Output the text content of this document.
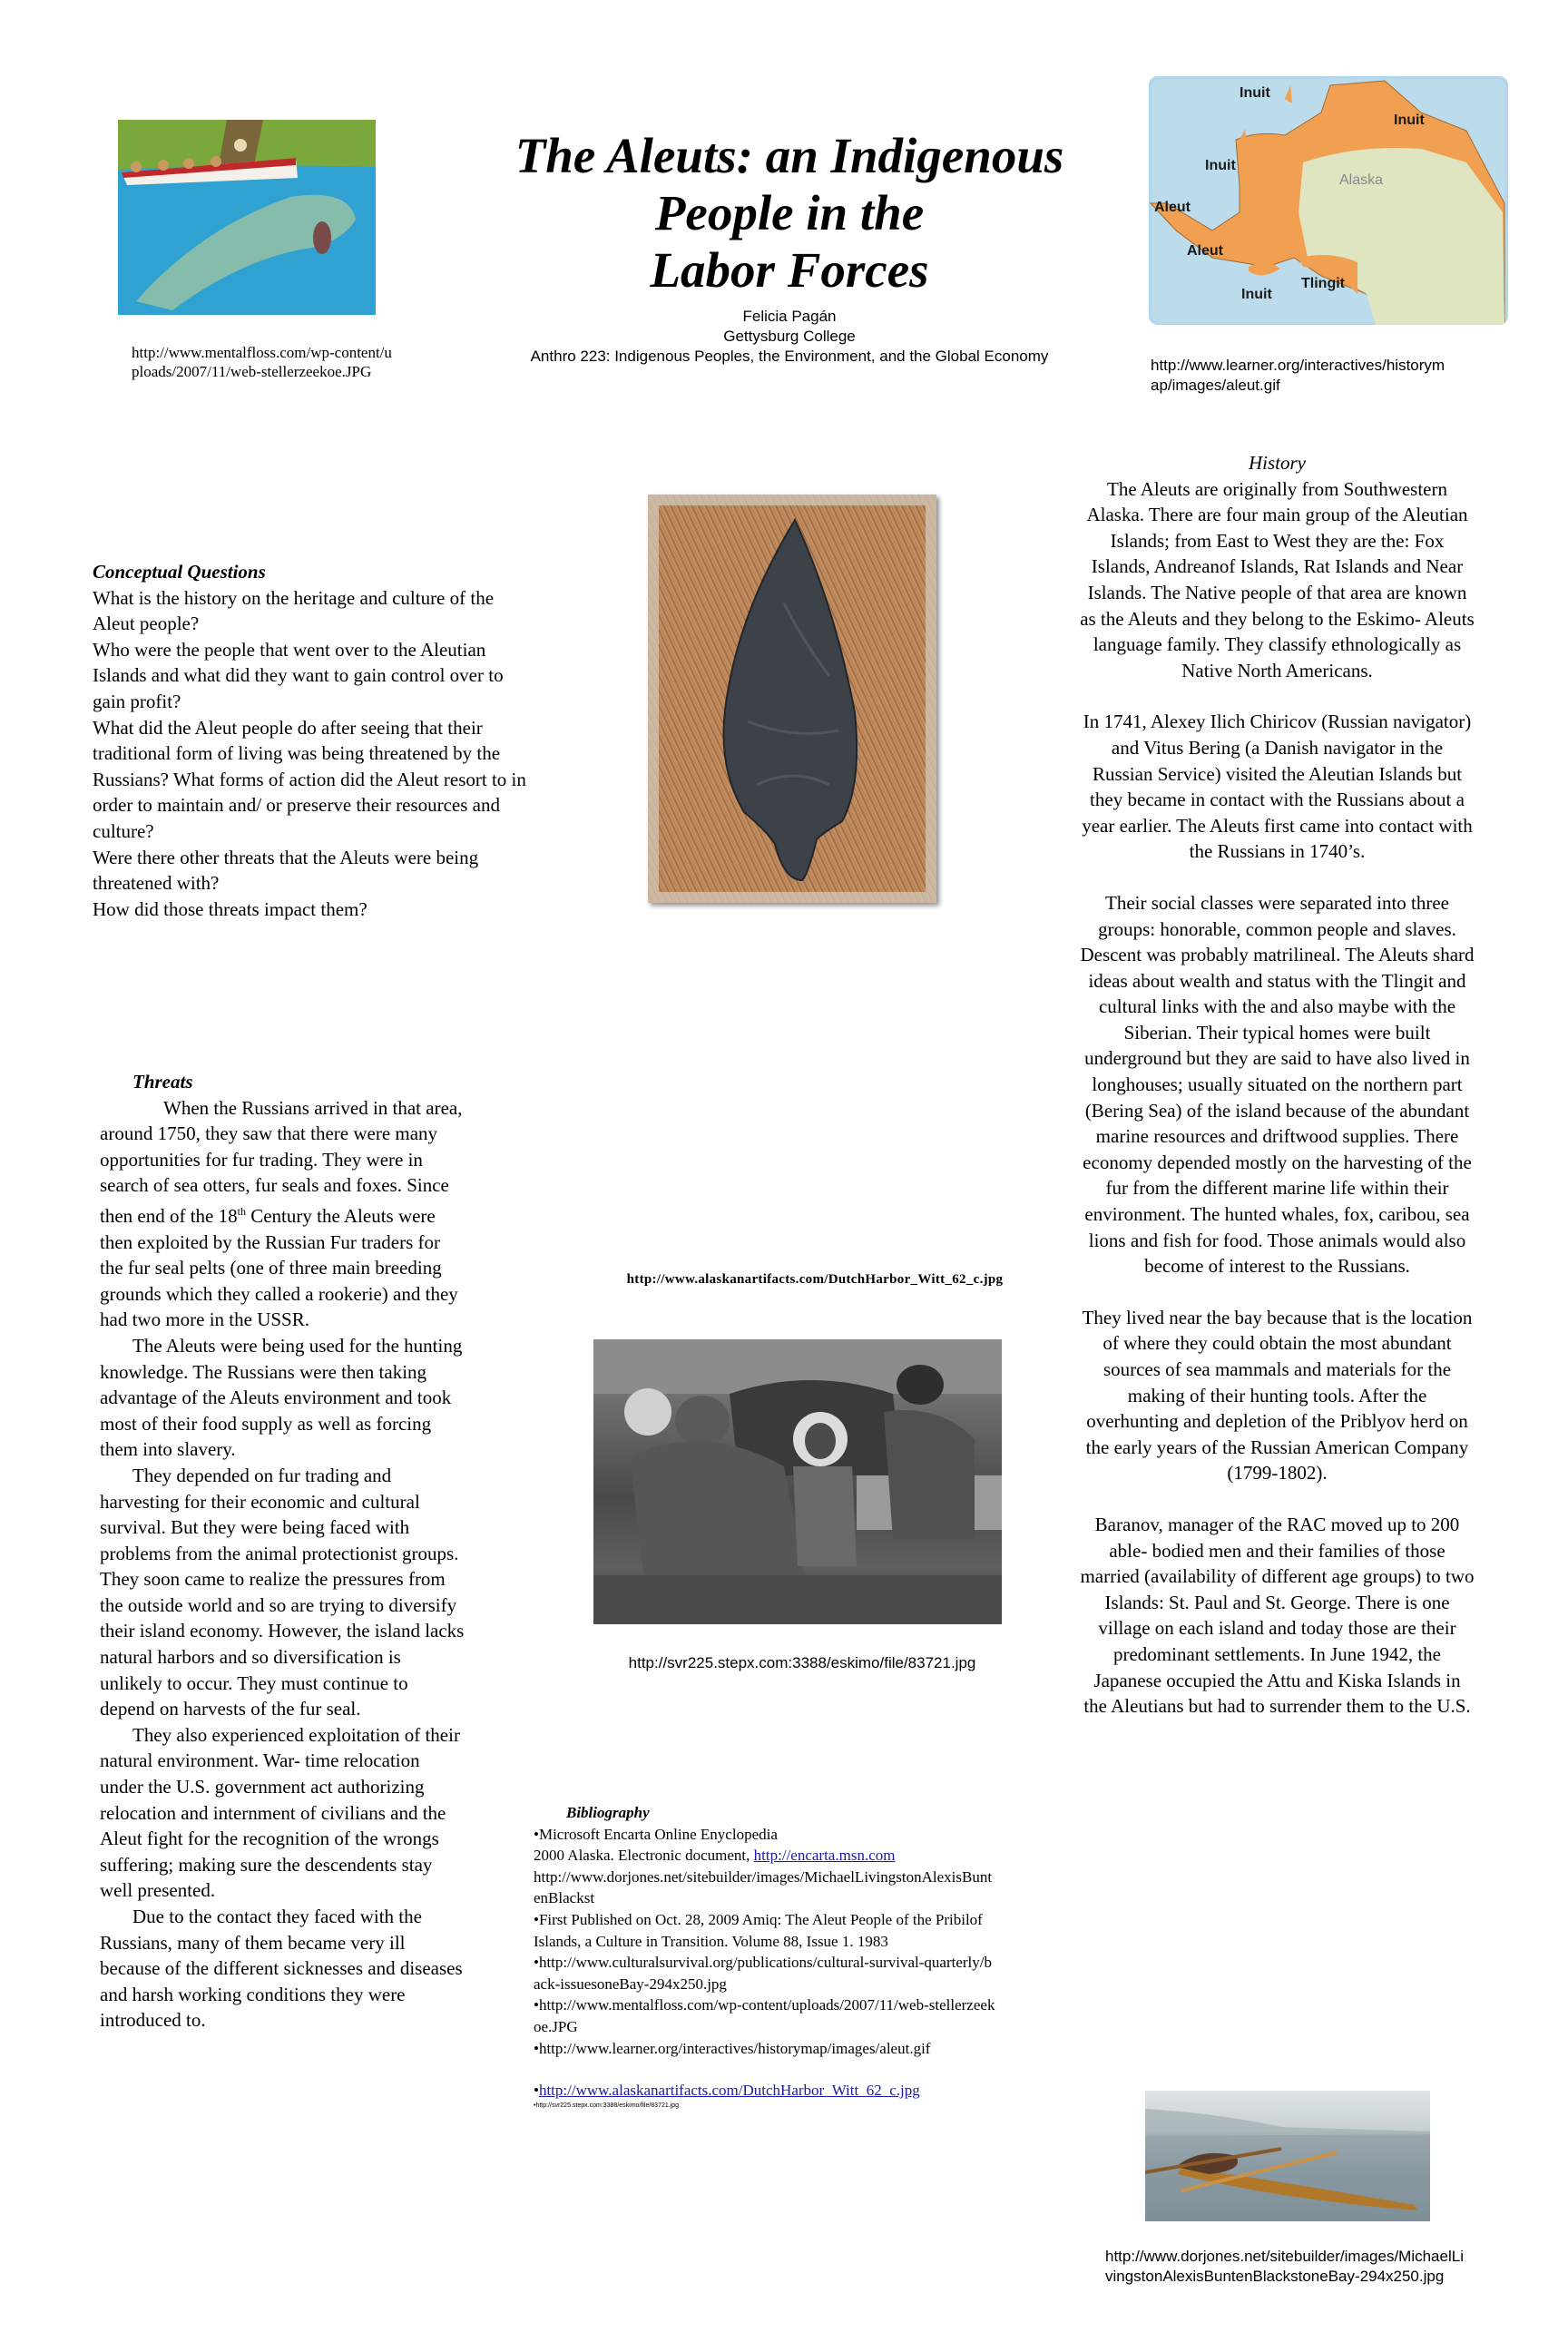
http://www.mentalfloss.com/wp-content/uploads/2007/11/web-stellerzeekoe.JPG
The Aleuts: an Indigenous
People in the
Labor Forces
Felicia Pagán
Gettysburg College
Anthro 223: Indigenous Peoples, the Environment, and the Global Economy
Inuit
Inuit
Inuit
Aleut
Aleut
Inuit
Tlingit
Alaska
http://www.learner.org/interactives/historymap/images/aleut.gif
Conceptual Questions
What is the history on the heritage and culture of the Aleut people?
Who were the people that went over to the Aleutian Islands and what did they want to gain control over to gain profit?
What did the Aleut people do after seeing that their traditional form of living was being threatened by the Russians? What forms of action did the Aleut resort to in order to maintain and/ or preserve their resources and culture?
Were there other threats that the Aleuts were being threatened with?
How did those threats impact them?
Threats

When the Russians arrived in that area, around 1750, they saw that there were many opportunities for fur trading. They were in search of sea otters, fur seals and foxes. Since then end of the 18th Century the Aleuts were then exploited by the Russian Fur traders for the fur seal pelts (one of three main breeding grounds which they called a rookerie) and they had two more in the USSR.

The Aleuts were being used for the hunting knowledge. The Russians were then taking advantage of the Aleuts environment and took most of their food supply as well as forcing them into slavery.

They depended on fur trading and harvesting for their economic and cultural survival. But they were being faced with problems from the animal protectionist groups. They soon came to realize the pressures from the outside world and so are trying to diversify their island economy. However, the island lacks natural harbors and so diversification is unlikely to occur. They must continue to depend on harvests of the fur seal.

They also experienced exploitation of their natural environment. War- time relocation under the U.S. government act authorizing relocation and internment of civilians and the Aleut fight for the recognition of the wrongs suffering; making sure the descendents stay well presented.

Due to the contact they faced with the Russians, many of them became very ill because of the different sicknesses and diseases and harsh working conditions they were introduced to.

http://www.alaskanartifacts.com/DutchHarbor_Witt_62_c.jpg
http://svr225.stepx.com:3388/eskimo/file/83721.jpg
Bibliography
•Microsoft Encarta Online Enyclopedia
2000 Alaska. Electronic document, http://encarta.msn.com
http://www.dorjones.net/sitebuilder/images/MichaelLivingstonAlexisBuntenBlackst
•First Published on Oct. 28, 2009 Amiq: The Aleut People of the Pribilof Islands, a Culture in Transition. Volume 88, Issue 1. 1983
•http://www.culturalsurvival.org/publications/cultural-survival-quarterly/back-issuesoneBay-294x250.jpg
•http://www.mentalfloss.com/wp-content/uploads/2007/11/web-stellerzeekoe.JPG
•http://www.learner.org/interactives/historymap/images/aleut.gif
•http://www.alaskanartifacts.com/DutchHarbor_Witt_62_c.jpg
•http://svr225.stepx.com:3388/eskimo/file/83721.jpg
History

The Aleuts are originally from Southwestern Alaska. There are four main group of the Aleutian Islands; from East to West they are the: Fox Islands, Andreanof Islands, Rat Islands and Near Islands. The Native people of that area are known as the Aleuts and they belong to the Eskimo- Aleuts language family. They classify ethnologically as Native North Americans.

In 1741, Alexey Ilich Chiricov (Russian navigator) and Vitus Bering (a Danish navigator in the Russian Service) visited the Aleutian Islands but they became in contact with the Russians about a year earlier. The Aleuts first came into contact with the Russians in 1740’s.

Their social classes were separated into three groups: honorable, common people and slaves. Descent was probably matrilineal. The Aleuts shard ideas about wealth and status with the Tlingit and cultural links with the and also maybe with the Siberian. Their typical homes were built underground but they are said to have also lived in longhouses; usually situated on the northern part (Bering Sea) of the island because of the abundant marine resources and driftwood supplies. There economy depended mostly on the harvesting of the fur from the different marine life within their environment. The hunted whales, fox, caribou, sea lions and fish for food. Those animals would also become of interest to the Russians.

They lived near the bay because that is the location of where they could obtain the most abundant sources of sea mammals and materials for the making of their hunting tools. After the overhunting and depletion of the Priblyov herd on the early years of the Russian American Company (1799-1802).

Baranov, manager of the RAC moved up to 200 able- bodied men and their families of those married (availability of different age groups) to two Islands: St. Paul and St. George. There is one village on each island and today those are their predominant settlements. In June 1942, the Japanese occupied the Attu and Kiska Islands in the Aleutians but had to surrender them to the U.S.

http://www.dorjones.net/sitebuilder/images/MichaelLivingstonAlexisBuntenBlackstoneBay-294x250.jpg
